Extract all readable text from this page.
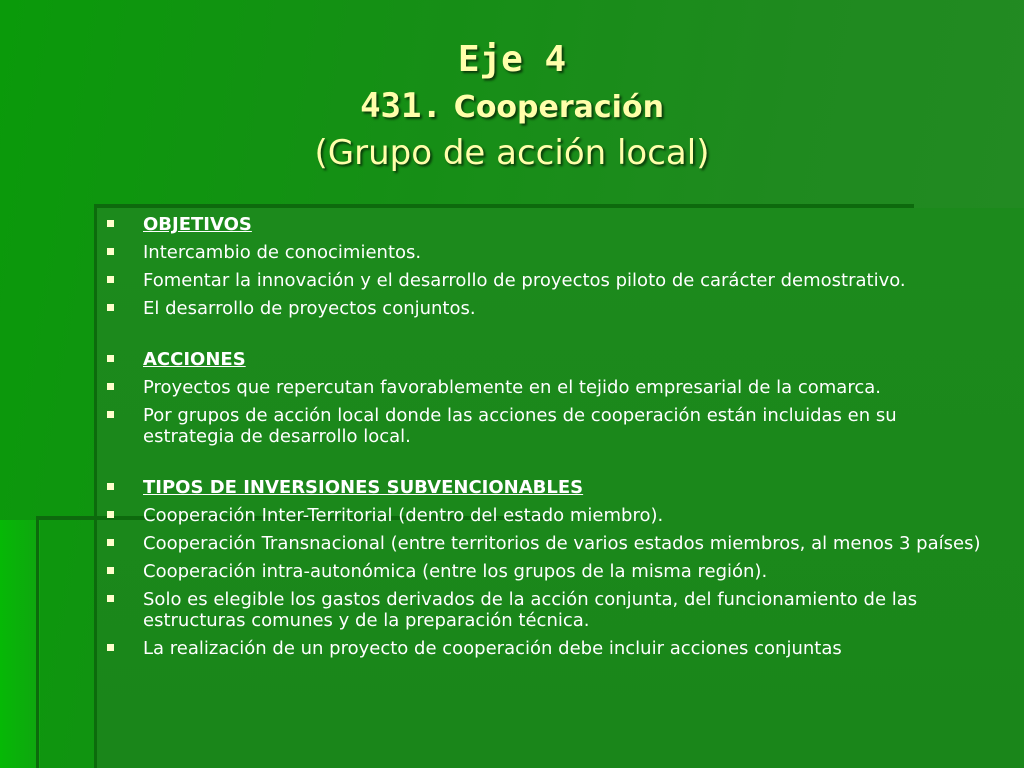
Eje 4
431. Cooperación
(Grupo de acción local)
OBJETIVOS
Intercambio de conocimientos.
Fomentar la innovación y el desarrollo de proyectos piloto de carácter demostrativo.
El desarrollo de proyectos conjuntos.
ACCIONES
Proyectos que repercutan favorablemente en el tejido empresarial de la comarca.
Por grupos de acción local donde las acciones de cooperación están incluidas en su estrategia de desarrollo local.
TIPOS DE INVERSIONES SUBVENCIONABLES
Cooperación Inter-Territorial (dentro del estado miembro).
Cooperación Transnacional (entre territorios de varios estados miembros, al menos 3 países)
Cooperación intra-autonómica (entre los grupos de la misma región).
Solo es elegible los gastos derivados de la acción conjunta, del funcionamiento de las estructuras comunes y de la preparación técnica.
La realización de un proyecto de cooperación debe incluir acciones conjuntas
